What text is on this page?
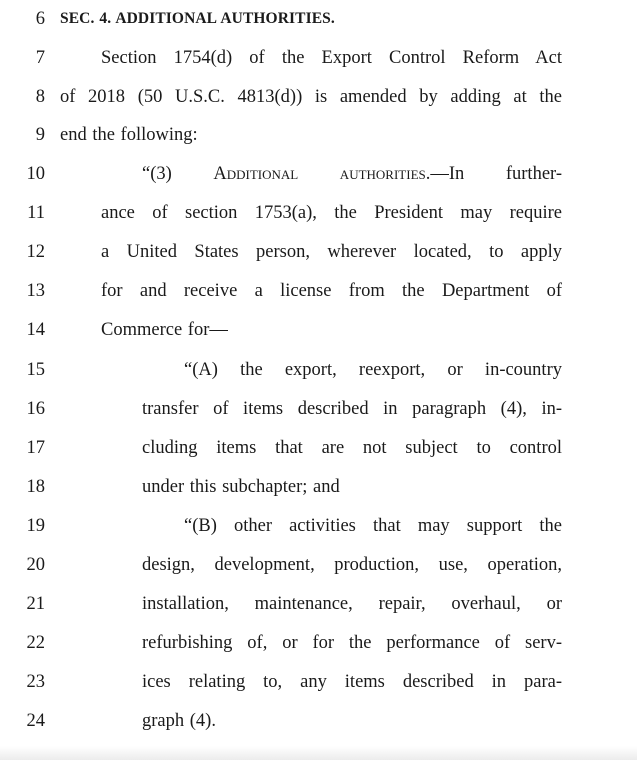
6 SEC. 4. ADDITIONAL AUTHORITIES.
7	Section 1754(d) of the Export Control Reform Act
8 of 2018 (50 U.S.C. 4813(d)) is amended by adding at the
9 end the following:
10	“(3) Additional authorities.—In further-
11	ance of section 1753(a), the President may require
12	a United States person, wherever located, to apply
13	for and receive a license from the Department of
14	Commerce for—
15	“(A) the export, reexport, or in-country
16	transfer of items described in paragraph (4), in-
17	cluding items that are not subject to control
18	under this subchapter; and
19	“(B) other activities that may support the
20	design, development, production, use, operation,
21	installation, maintenance, repair, overhaul, or
22	refurbishing of, or for the performance of serv-
23	ices relating to, any items described in para-
24	graph (4).
